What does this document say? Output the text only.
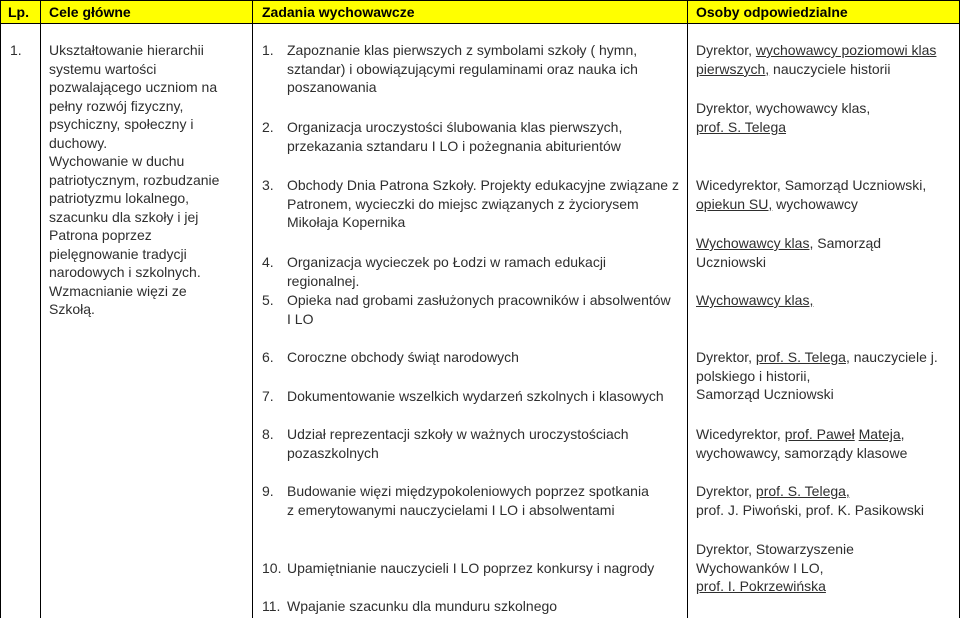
Lp. Cele główne	Zadania wychowawcze	Osoby odpowiedzialne
1. Ukształtowanie hierarchii
systemu wartości
pozwalającego uczniom na
pełny rozwój fizyczny,
psychiczny, społeczny i
duchowy.
Wychowanie w duchu
patriotycznym, rozbudzanie
patriotyzmu lokalnego,
szacunku dla szkoły i jej
Patrona poprzez
pielęgnowanie tradycji
narodowych i szkolnych.
Wzmacnianie więzi ze Szkołą.
1. Zapoznanie klas pierwszych z symbolami szkoły ( hymn,
sztandar) i obowiązującymi regulaminami oraz nauka ich
poszanowania
2. Organizacja uroczystości ślubowania klas pierwszych,
przekazania sztandaru I LO i pożegnania abiturientów
3. Obchody Dnia Patrona Szkoły. Projekty edukacyjne związane z
Patronem, wycieczki do miejsc związanych z życiorysem
Mikołaja Kopernika
4. Organizacja wycieczek po Łodzi w ramach edukacji
regionalnej.
5. Opieka nad grobami zasłużonych pracowników i absolwentów
I LO
6. Coroczne obchody świąt narodowych
7. Dokumentowanie wszelkich wydarzeń szkolnych i klasowych
8. Udział reprezentacji szkoły w ważnych uroczystościach
pozaszkolnych
9. Budowanie więzi międzypokoleniowych poprzez spotkania
z emerytowanymi nauczycielami I LO i absolwentami
10. Upamiętnianie nauczycieli I LO poprzez konkursy i nagrody
11. Wpajanie szacunku dla munduru szkolnego
Dyrektor, wychowawcy poziomowi klas
pierwszych, nauczyciele historii
Dyrektor, wychowawcy klas,
prof. S. Telega
Wicedyrektor, Samorząd Uczniowski,
opiekun SU, wychowawcy
Wychowawcy klas, Samorząd
Uczniowski
Wychowawcy klas,
Dyrektor, prof. S. Telega, nauczyciele j.
polskiego i historii,
Samorząd Uczniowski
Wicedyrektor, prof. Paweł Mateja,
wychowawcy, samorządy klasowe
Dyrektor, prof. S. Telega,
prof. J. Piwoński, prof. K. Pasikowski
Dyrektor, Stowarzyszenie
Wychowanków I LO,
prof. I. Pokrzewińska
